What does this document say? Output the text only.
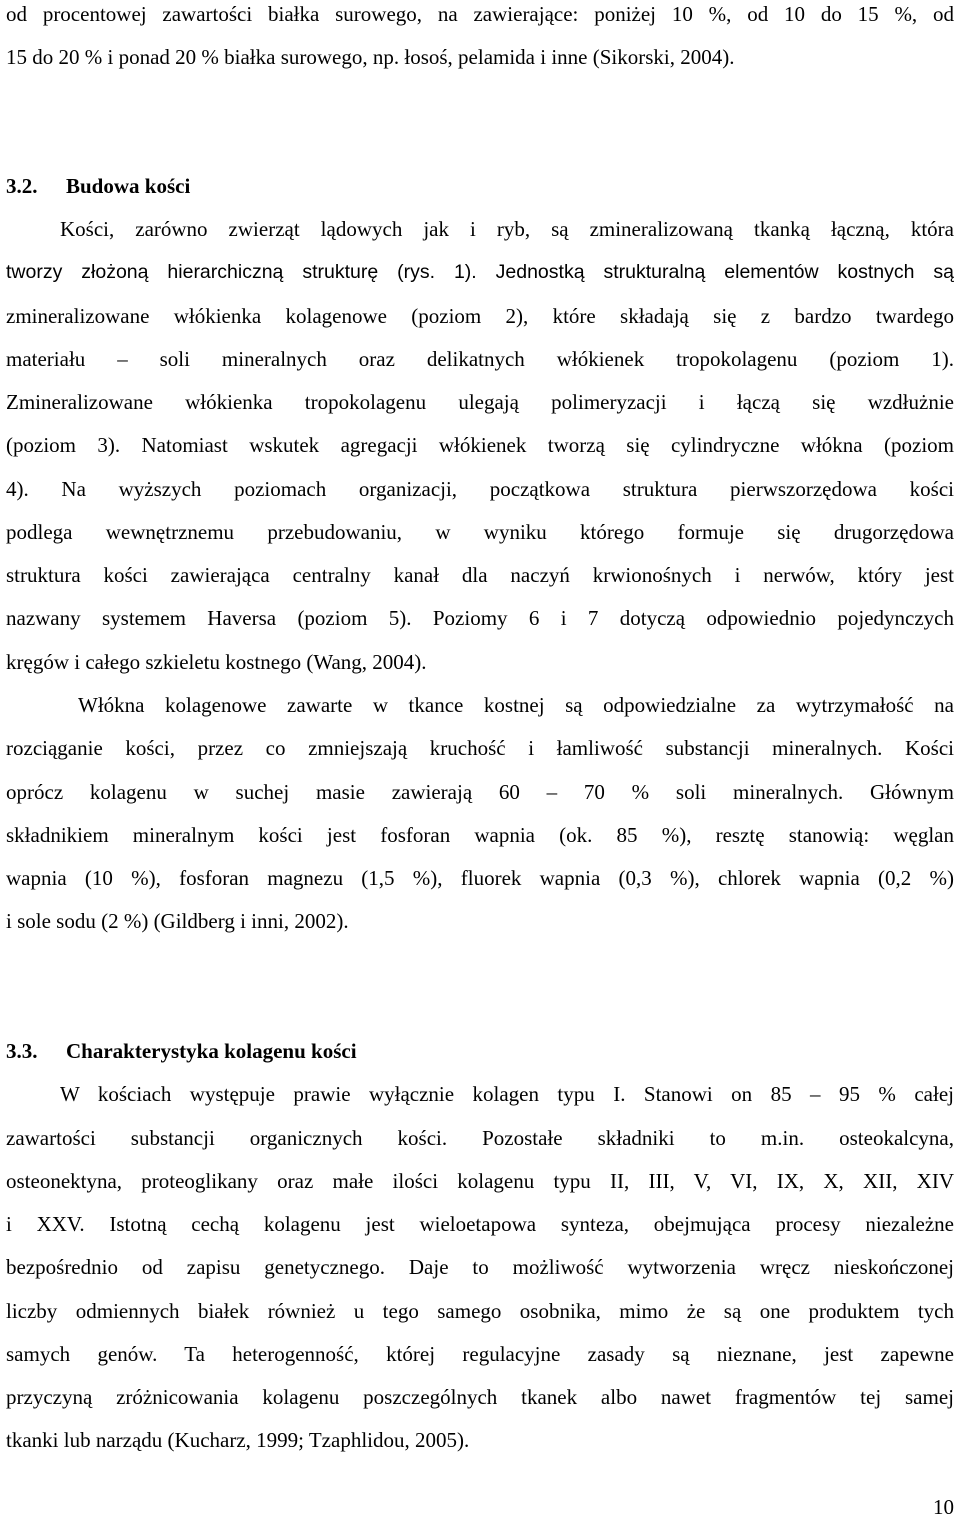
od procentowej zawartości białka surowego, na zawierające: poniżej 10 %, od 10 do 15 %, od
15 do 20 % i ponad 20 % białka surowego, np. łosoś, pelamida i inne (Sikorski, 2004).
3.2. Budowa kości
Kości, zarówno zwierząt lądowych jak i ryb, są zmineralizowaną tkanką łączną, która
tworzy złożoną hierarchiczną strukturę (rys. 1). Jednostką strukturalną elementów kostnych są
zmineralizowane włókienka kolagenowe (poziom 2), które składają się z bardzo twardego
materiału – soli mineralnych oraz delikatnych włókienek tropokolagenu (poziom 1).
Zmineralizowane włókienka tropokolagenu ulegają polimeryzacji i łączą się wzdłużnie
(poziom 3). Natomiast wskutek agregacji włókienek tworzą się cylindryczne włókna (poziom
4). Na wyższych poziomach organizacji, początkowa struktura pierwszorzędowa kości
podlega wewnętrznemu przebudowaniu, w wyniku którego formuje się drugorzędowa
struktura kości zawierająca centralny kanał dla naczyń krwionośnych i nerwów, który jest
nazwany systemem Haversa (poziom 5). Poziomy 6 i 7 dotyczą odpowiednio pojedynczych
kręgów i całego szkieletu kostnego (Wang, 2004).
Włókna kolagenowe zawarte w tkance kostnej są odpowiedzialne za wytrzymałość na
rozciąganie kości, przez co zmniejszają kruchość i łamliwość substancji mineralnych. Kości
oprócz kolagenu w suchej masie zawierają 60 – 70 % soli mineralnych. Głównym
składnikiem mineralnym kości jest fosforan wapnia (ok. 85 %), resztę stanowią: węglan
wapnia (10 %), fosforan magnezu (1,5 %), fluorek wapnia (0,3 %), chlorek wapnia (0,2 %)
i sole sodu (2 %) (Gildberg i inni, 2002).
3.3. Charakterystyka kolagenu kości
W kościach występuje prawie wyłącznie kolagen typu I. Stanowi on 85 – 95 % całej
zawartości substancji organicznych kości. Pozostałe składniki to m.in. osteokalcyna,
osteonektyna, proteoglikany oraz małe ilości kolagenu typu II, III, V, VI, IX, X, XII, XIV
i XXV. Istotną cechą kolagenu jest wieloetapowa synteza, obejmująca procesy niezależne
bezpośrednio od zapisu genetycznego. Daje to możliwość wytworzenia wręcz nieskończonej
liczby odmiennych białek również u tego samego osobnika, mimo że są one produktem tych
samych genów. Ta heterogenność, której regulacyjne zasady są nieznane, jest zapewne
przyczyną zróżnicowania kolagenu poszczególnych tkanek albo nawet fragmentów tej samej
tkanki lub narządu (Kucharz, 1999; Tzaphlidou, 2005).
10
